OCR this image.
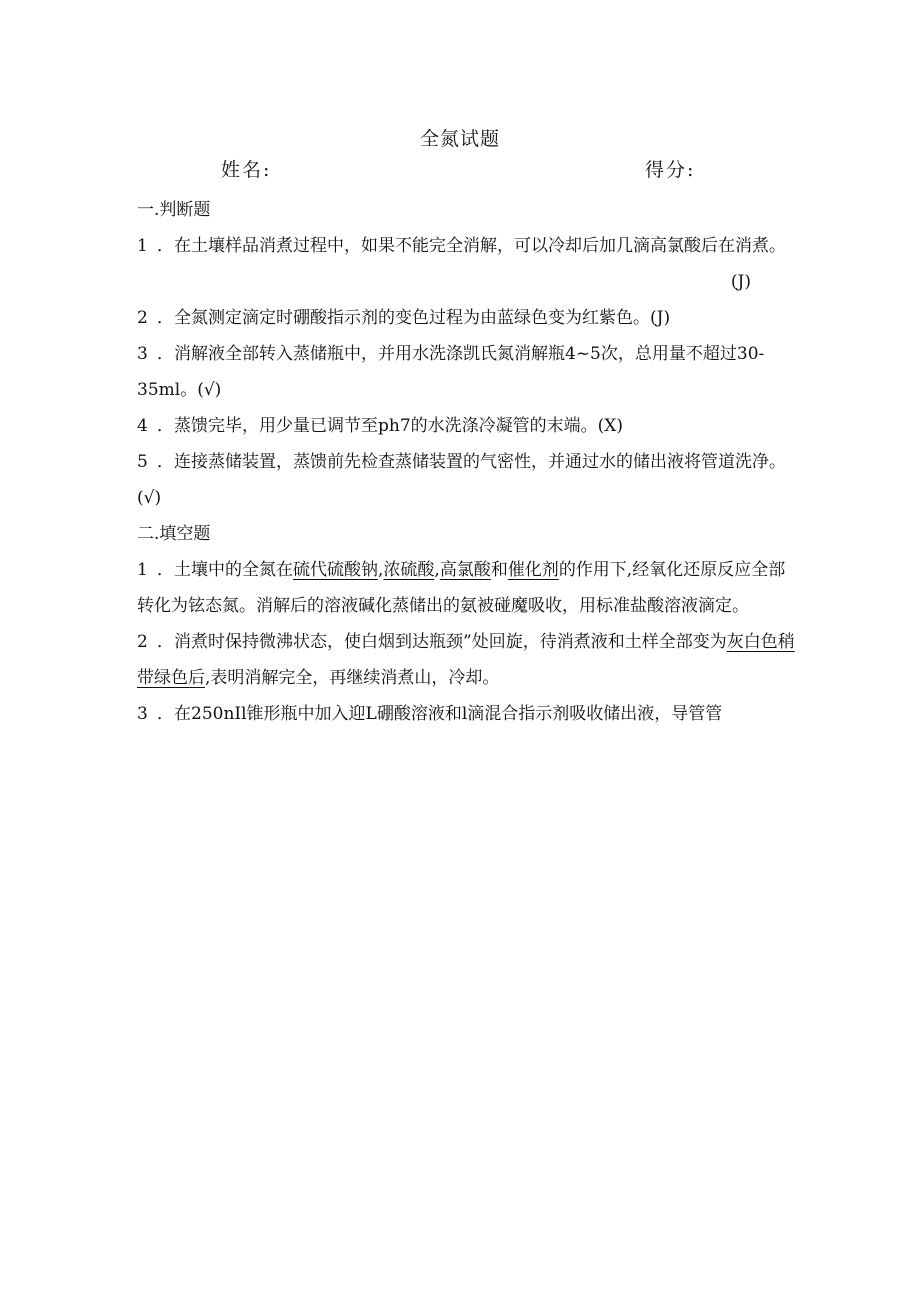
全氮试题
姓名:	得分:

一.判断题

1 ．在土壤样品消煮过程中，如果不能完全消解，可以冷却后加几滴高氯酸后在消煮。

(J)

2 ．全氮测定滴定时硼酸指示剂的变色过程为由蓝绿色变为红紫色。(J)

3 ．消解液全部转入蒸储瓶中，并用水洗涤凯氏氮消解瓶4~5次，总用量不超过30-35ml。(√)

4 ．蒸馈完毕，用少量已调节至ph7的水洗涤冷凝管的末端。(X)

5 ．连接蒸储装置，蒸馈前先检查蒸储装置的气密性，并通过水的储出液将管道洗净。(√)

二.填空题

1 ．土壤中的全氮在硫代硫酸钠,浓硫酸,高氯酸和催化剂的作用下,经氧化还原反应全部转化为铉态氮。消解后的溶液碱化蒸储出的氨被碰魔吸收，用标准盐酸溶液滴定。

2 ．消煮时保持微沸状态，使白烟到达瓶颈”处回旋，待消煮液和土样全部变为灰白色稍带绿色后,表明消解完全，再继续消煮山，冷却。

3 ．在250nIl锥形瓶中加入迎L硼酸溶液和l滴混合指示剂吸收储出液，导管管
